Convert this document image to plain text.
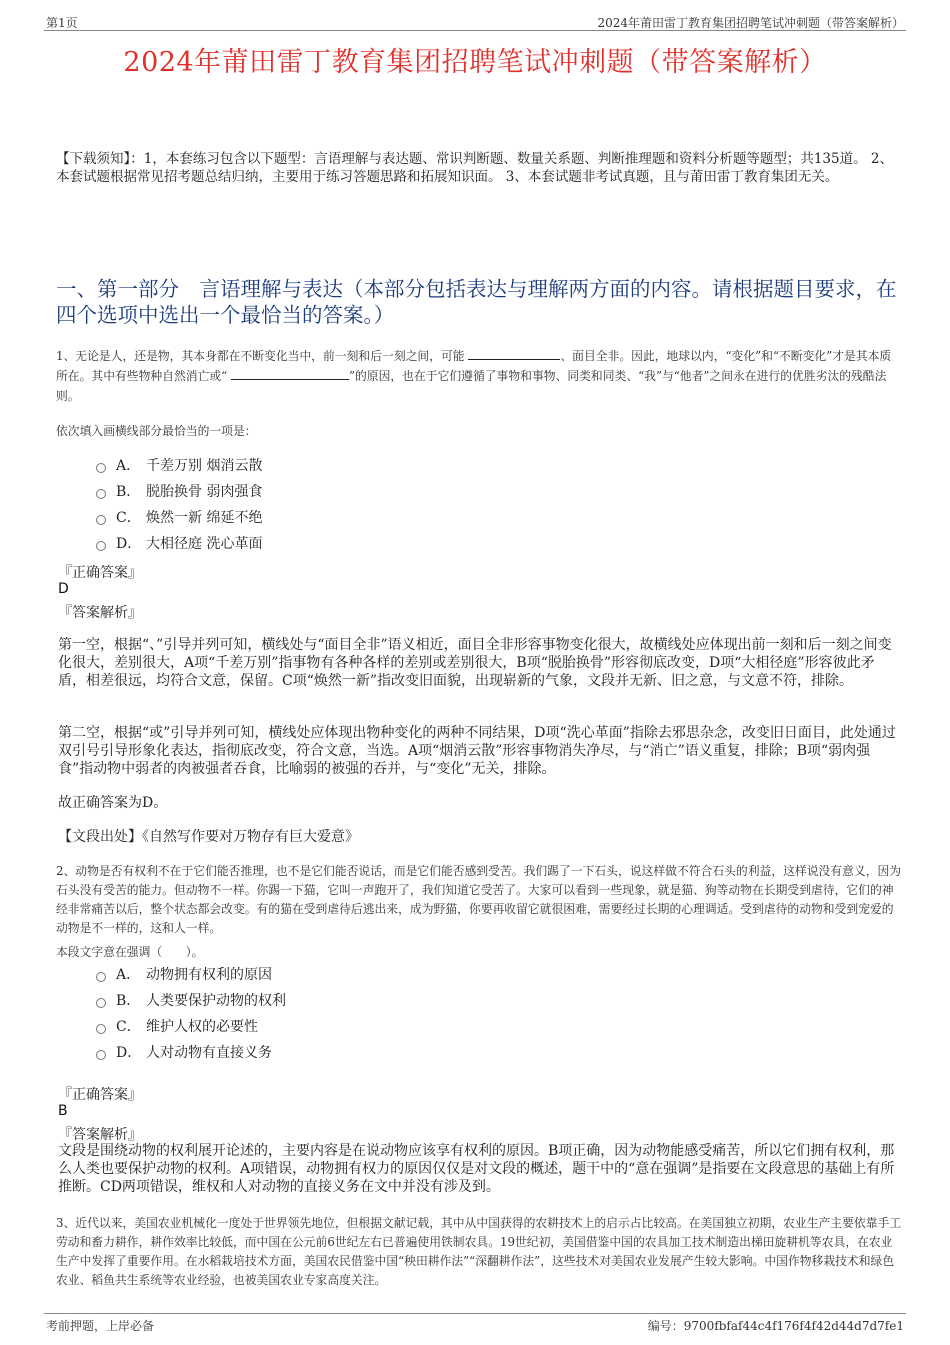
第1页	2024年莆田雷丁教育集团招聘笔试冲刺题（带答案解析）
2024年莆田雷丁教育集团招聘笔试冲刺题（带答案解析）
【下载须知】：1，本套练习包含以下题型：言语理解与表达题、常识判断题、数量关系题、判断推理题和资料分析题等题型；共135道。 2、本套试题根据常见招考题总结归纳，主要用于练习答题思路和拓展知识面。 3、本套试题非考试真题，且与莆田雷丁教育集团无关。
一、第一部分　言语理解与表达（本部分包括表达与理解两方面的内容。请根据题目要求，在四个选项中选出一个最恰当的答案。）
1、无论是人，还是物，其本身都在不断变化当中，前一刻和后一刻之间，可能	、面目全非。因此，地球以内，“变化”和“不断变化”才是其本质所在。其中有些物种自然消亡或“	”的原因，也在于它们遵循了事物和事物、同类和同类、“我”与“他者”之间永在进行的优胜劣汰的残酷法则。
依次填入画横线部分最恰当的一项是：
A． 千差万别 烟消云散
B． 脱胎换骨 弱肉强食
C． 焕然一新 绵延不绝
D． 大相径庭 洗心革面
『正确答案』
D
『答案解析』
第一空，根据“、”引导并列可知，横线处与“面目全非”语义相近，面目全非形容事物变化很大，故横线处应体现出前一刻和后一刻之间变化很大，差别很大，A项“千差万别”指事物有各种各样的差别或差别很大，B项“脱胎换骨”形容彻底改变，D项“大相径庭”形容彼此矛盾，相差很远，均符合文意，保留。C项“焕然一新”指改变旧面貌，出现崭新的气象，文段并无新、旧之意，与文意不符，排除。
第二空，根据“或”引导并列可知，横线处应体现出物种变化的两种不同结果，D项“洗心革面”指除去邪思杂念，改变旧日面目，此处通过双引号引导形象化表达，指彻底改变，符合文意，当选。A项“烟消云散”形容事物消失净尽，与“消亡”语义重复，排除；B项“弱肉强食”指动物中弱者的肉被强者吞食，比喻弱的被强的吞并，与“变化”无关，排除。
故正确答案为D。
【文段出处】《自然写作要对万物存有巨大爱意》
2、动物是否有权利不在于它们能否推理，也不是它们能否说话，而是它们能否感到受苦。我们踢了一下石头，说这样做不符合石头的利益，这样说没有意义，因为石头没有受苦的能力。但动物不一样。你踢一下猫，它叫一声跑开了，我们知道它受苦了。大家可以看到一些现象，就是猫、狗等动物在长期受到虐待，它们的神经非常痛苦以后，整个状态都会改变。有的猫在受到虐待后逃出来，成为野猫，你要再收留它就很困难，需要经过长期的心理调适。受到虐待的动物和受到宠爱的动物是不一样的，这和人一样。
本段文字意在强调（　　）。
A． 动物拥有权利的原因
B． 人类要保护动物的权利
C． 维护人权的必要性
D． 人对动物有直接义务
『正确答案』
B
『答案解析』
文段是围绕动物的权利展开论述的，主要内容是在说动物应该享有权利的原因。B项正确，因为动物能感受痛苦，所以它们拥有权利，那么人类也要保护动物的权利。A项错误，动物拥有权力的原因仅仅是对文段的概述，题干中的“意在强调”是指要在文段意思的基础上有所推断。CD两项错误，维权和人对动物的直接义务在文中并没有涉及到。
3、近代以来，美国农业机械化一度处于世界领先地位，但根据文献记载，其中从中国获得的农耕技术上的启示占比较高。在美国独立初期，农业生产主要依靠手工劳动和畜力耕作，耕作效率比较低，而中国在公元前6世纪左右已普遍使用铁制农具。19世纪初，美国借鉴中国的农具加工技术制造出梯田旋耕机等农具，在农业生产中发挥了重要作用。在水稻栽培技术方面，美国农民借鉴中国“秧田耕作法”“深翻耕作法”，这些技术对美国农业发展产生较大影响。中国作物移栽技术和绿色农业、稻鱼共生系统等农业经验，也被美国农业专家高度关注。
考前押题，上岸必备	编号：9700fbfaf44c4f176f4f42d44d7d7fe1
